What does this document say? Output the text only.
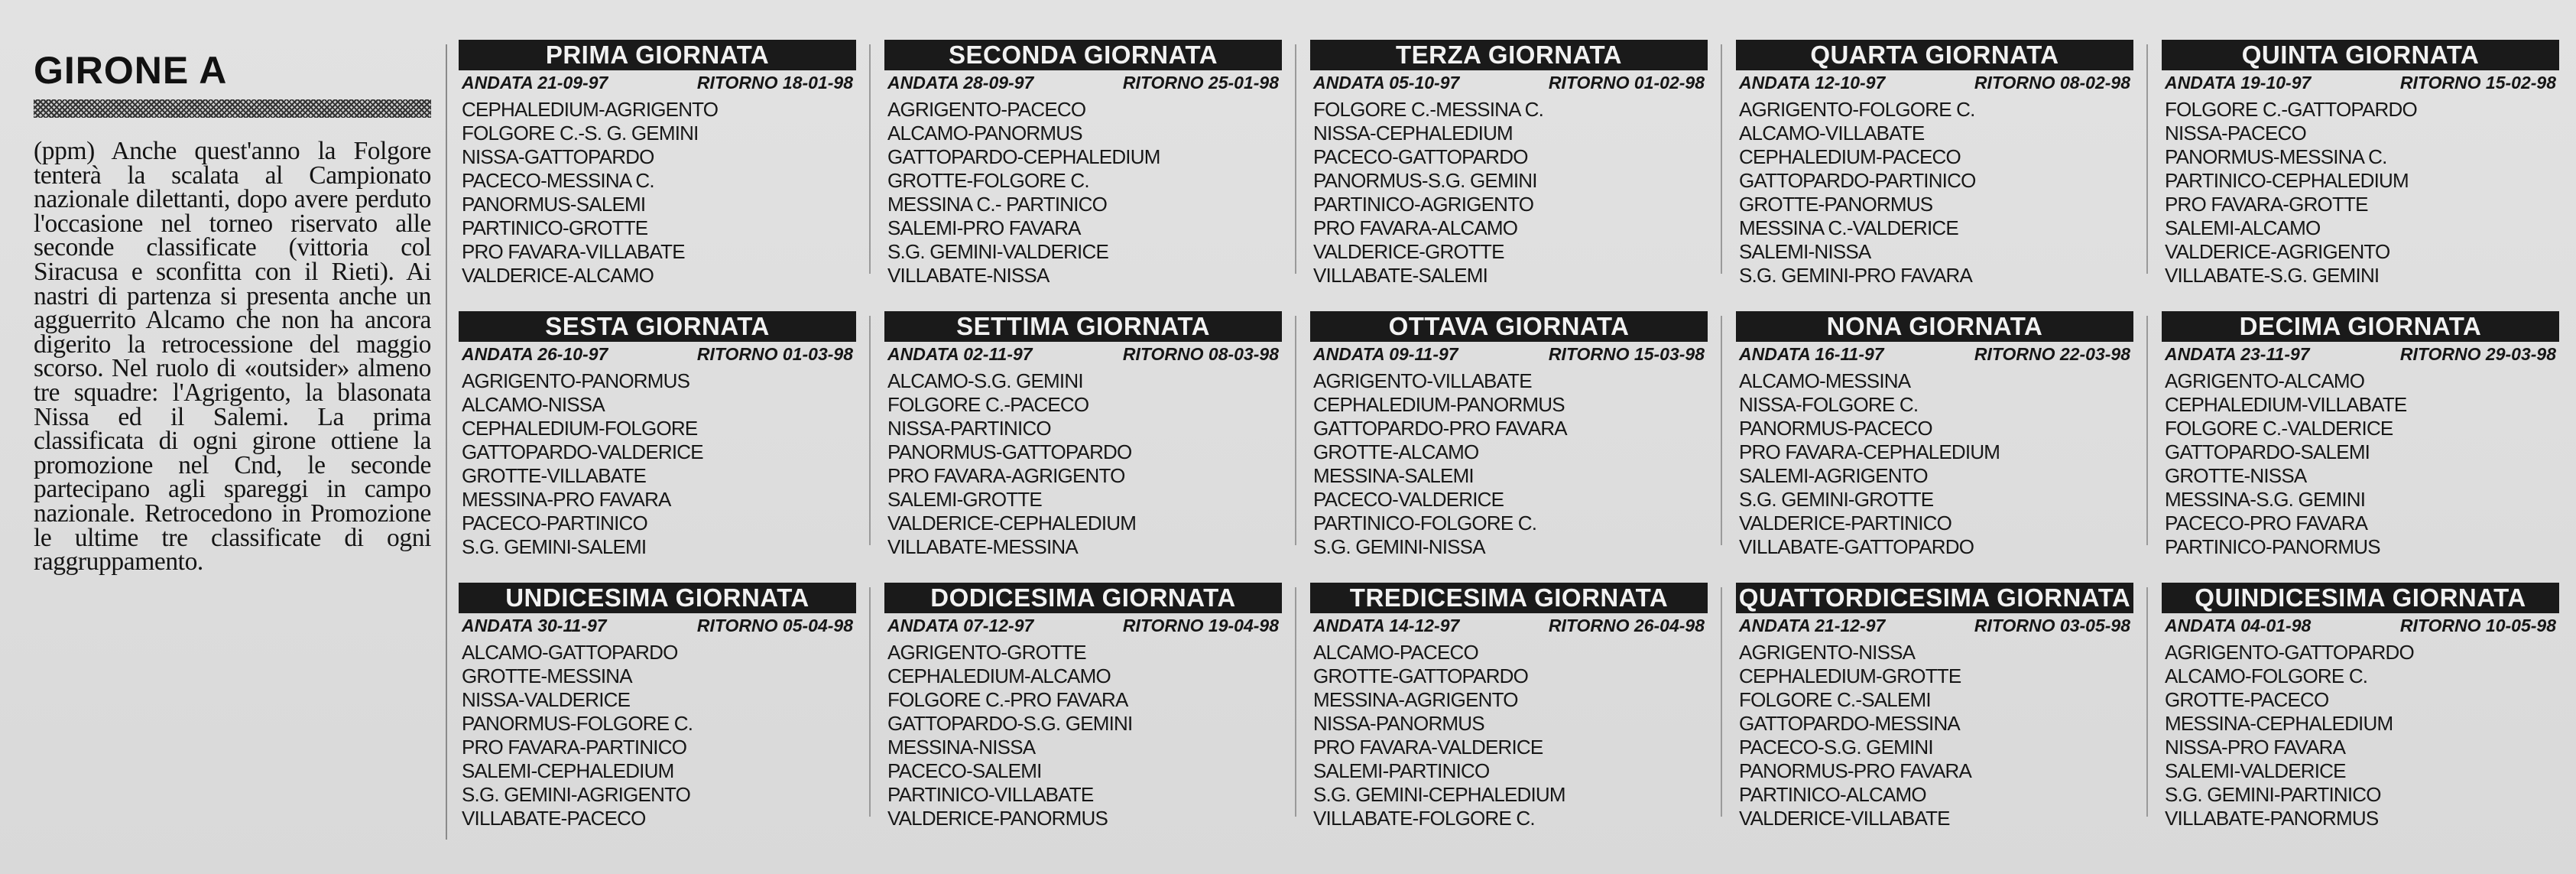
GIRONE A

(ppm) Anche quest'anno la Folgore tenterà la scalata al Campionato nazionale dilettanti, dopo avere perduto l'occasione nel torneo riservato alle seconde classificate (vittoria col Siracusa e sconfitta con il Rieti). Ai nastri di partenza si presenta anche un agguerrito Alcamo che non ha ancora digerito la retrocessione del maggio scorso. Nel ruolo di «outsider» almeno tre squadre: l'Agrigento, la blasonata Nissa ed il Salemi. La prima classificata di ogni girone ottiene la promozione nel Cnd, le seconde partecipano agli spareggi in campo nazionale. Retrocedono in Promozione le ultime tre classificate di ogni raggruppamento.

PRIMA GIORNATA
ANDATA 21-09-97	RITORNO 18-01-98
CEPHALEDIUM-AGRIGENTO
FOLGORE C.-S. G. GEMINI
NISSA-GATTOPARDO
PACECO-MESSINA C.
PANORMUS-SALEMI
PARTINICO-GROTTE
PRO FAVARA-VILLABATE
VALDERICE-ALCAMO
SECONDA GIORNATA
ANDATA 28-09-97	RITORNO 25-01-98
AGRIGENTO-PACECO
ALCAMO-PANORMUS
GATTOPARDO-CEPHALEDIUM
GROTTE-FOLGORE C.
MESSINA C.- PARTINICO
SALEMI-PRO FAVARA
S.G. GEMINI-VALDERICE
VILLABATE-NISSA
TERZA GIORNATA
ANDATA 05-10-97	RITORNO 01-02-98
FOLGORE C.-MESSINA C.
NISSA-CEPHALEDIUM
PACECO-GATTOPARDO
PANORMUS-S.G. GEMINI
PARTINICO-AGRIGENTO
PRO FAVARA-ALCAMO
VALDERICE-GROTTE
VILLABATE-SALEMI
QUARTA GIORNATA
ANDATA 12-10-97	RITORNO 08-02-98
AGRIGENTO-FOLGORE C.
ALCAMO-VILLABATE
CEPHALEDIUM-PACECO
GATTOPARDO-PARTINICO
GROTTE-PANORMUS
MESSINA C.-VALDERICE
SALEMI-NISSA
S.G. GEMINI-PRO FAVARA
QUINTA GIORNATA
ANDATA 19-10-97	RITORNO 15-02-98
FOLGORE C.-GATTOPARDO
NISSA-PACECO
PANORMUS-MESSINA C.
PARTINICO-CEPHALEDIUM
PRO FAVARA-GROTTE
SALEMI-ALCAMO
VALDERICE-AGRIGENTO
VILLABATE-S.G. GEMINI
SESTA GIORNATA
ANDATA 26-10-97	RITORNO 01-03-98
AGRIGENTO-PANORMUS
ALCAMO-NISSA
CEPHALEDIUM-FOLGORE
GATTOPARDO-VALDERICE
GROTTE-VILLABATE
MESSINA-PRO FAVARA
PACECO-PARTINICO
S.G. GEMINI-SALEMI
SETTIMA GIORNATA
ANDATA 02-11-97	RITORNO 08-03-98
ALCAMO-S.G. GEMINI
FOLGORE C.-PACECO
NISSA-PARTINICO
PANORMUS-GATTOPARDO
PRO FAVARA-AGRIGENTO
SALEMI-GROTTE
VALDERICE-CEPHALEDIUM
VILLABATE-MESSINA
OTTAVA GIORNATA
ANDATA 09-11-97	RITORNO 15-03-98
AGRIGENTO-VILLABATE
CEPHALEDIUM-PANORMUS
GATTOPARDO-PRO FAVARA
GROTTE-ALCAMO
MESSINA-SALEMI
PACECO-VALDERICE
PARTINICO-FOLGORE C.
S.G. GEMINI-NISSA
NONA GIORNATA
ANDATA 16-11-97	RITORNO 22-03-98
ALCAMO-MESSINA
NISSA-FOLGORE C.
PANORMUS-PACECO
PRO FAVARA-CEPHALEDIUM
SALEMI-AGRIGENTO
S.G. GEMINI-GROTTE
VALDERICE-PARTINICO
VILLABATE-GATTOPARDO
DECIMA GIORNATA
ANDATA 23-11-97	RITORNO 29-03-98
AGRIGENTO-ALCAMO
CEPHALEDIUM-VILLABATE
FOLGORE C.-VALDERICE
GATTOPARDO-SALEMI
GROTTE-NISSA
MESSINA-S.G. GEMINI
PACECO-PRO FAVARA
PARTINICO-PANORMUS
UNDICESIMA GIORNATA
ANDATA 30-11-97	RITORNO 05-04-98
ALCAMO-GATTOPARDO
GROTTE-MESSINA
NISSA-VALDERICE
PANORMUS-FOLGORE C.
PRO FAVARA-PARTINICO
SALEMI-CEPHALEDIUM
S.G. GEMINI-AGRIGENTO
VILLABATE-PACECO
DODICESIMA GIORNATA
ANDATA 07-12-97	RITORNO 19-04-98
AGRIGENTO-GROTTE
CEPHALEDIUM-ALCAMO
FOLGORE C.-PRO FAVARA
GATTOPARDO-S.G. GEMINI
MESSINA-NISSA
PACECO-SALEMI
PARTINICO-VILLABATE
VALDERICE-PANORMUS
TREDICESIMA GIORNATA
ANDATA 14-12-97	RITORNO 26-04-98
ALCAMO-PACECO
GROTTE-GATTOPARDO
MESSINA-AGRIGENTO
NISSA-PANORMUS
PRO FAVARA-VALDERICE
SALEMI-PARTINICO
S.G. GEMINI-CEPHALEDIUM
VILLABATE-FOLGORE C.
QUATTORDICESIMA GIORNATA
ANDATA 21-12-97	RITORNO 03-05-98
AGRIGENTO-NISSA
CEPHALEDIUM-GROTTE
FOLGORE C.-SALEMI
GATTOPARDO-MESSINA
PACECO-S.G. GEMINI
PANORMUS-PRO FAVARA
PARTINICO-ALCAMO
VALDERICE-VILLABATE
QUINDICESIMA GIORNATA
ANDATA 04-01-98	RITORNO 10-05-98
AGRIGENTO-GATTOPARDO
ALCAMO-FOLGORE C.
GROTTE-PACECO
MESSINA-CEPHALEDIUM
NISSA-PRO FAVARA
SALEMI-VALDERICE
S.G. GEMINI-PARTINICO
VILLABATE-PANORMUS
